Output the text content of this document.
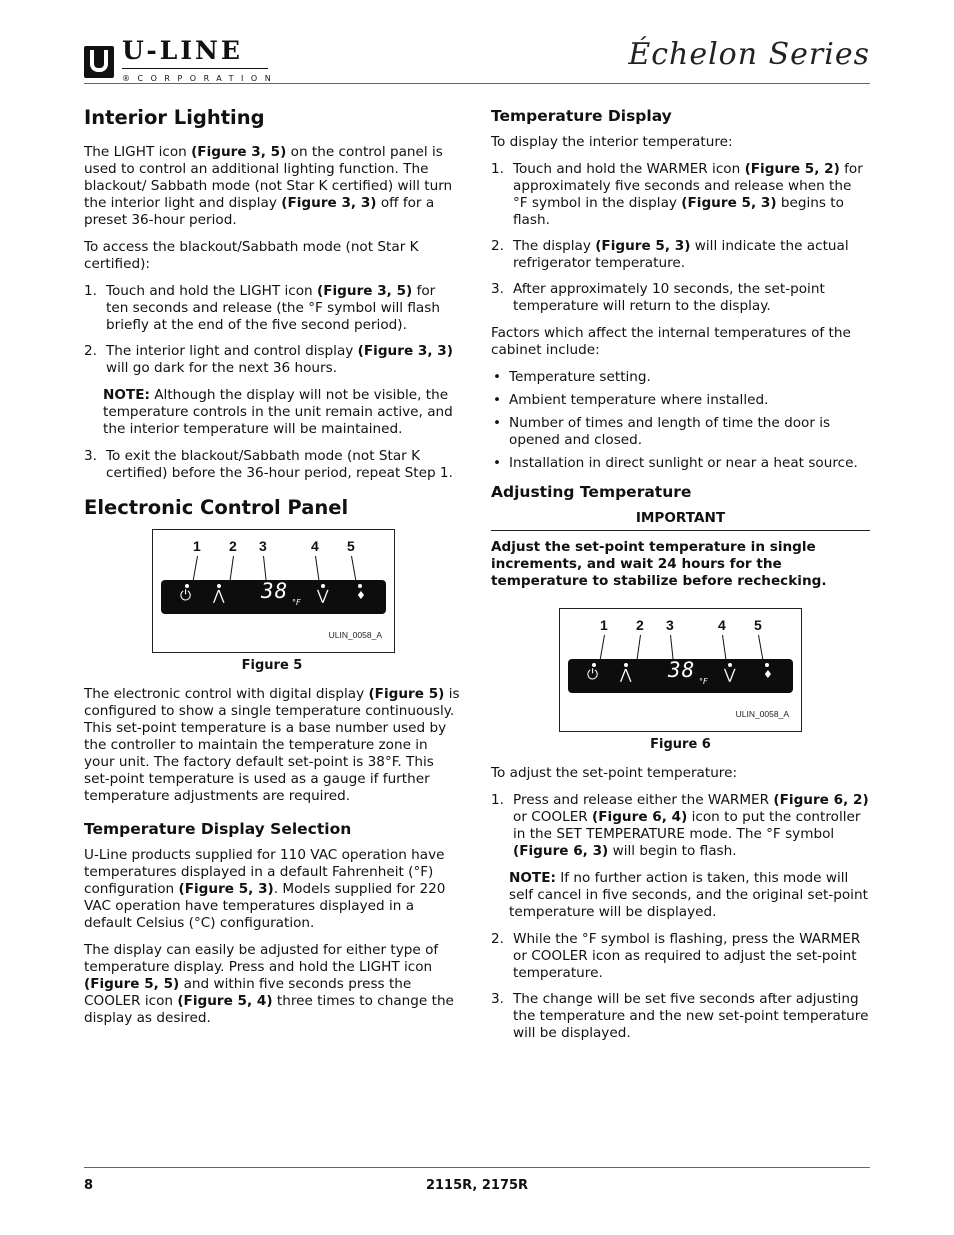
U-LINE
®CORPORATION
Échelon Series
Interior Lighting

The LIGHT icon (Figure 3, 5) on the control panel is used to control an additional lighting function. The blackout/ Sabbath mode (not Star K certified) will turn the interior light and display (Figure 3, 3) off for a preset 36-hour period.

To access the blackout/Sabbath mode (not Star K certified):

1. Touch and hold the LIGHT icon (Figure 3, 5) for ten seconds and release (the °F symbol will flash briefly at the end of the five second period).
2. The interior light and control display (Figure 3, 3) will go dark for the next 36 hours.

NOTE: Although the display will not be visible, the temperature controls in the unit remain active, and the interior temperature will be maintained.

3. To exit the blackout/Sabbath mode (not Star K certified) before the 36-hour period, repeat Step 1.
Electronic Control Panel
1 2 3	4 5
⏻ ⋀ 38 °F ⋁	♦
ULIN_0058_A
Figure 5

The electronic control with digital display (Figure 5) is configured to show a single temperature continuously. This set-point temperature is a base number used by the controller to maintain the temperature zone in your unit. The factory default set-point is 38°F. This set-point temperature is used as a gauge if further temperature adjustments are required.

Temperature Display Selection

U-Line products supplied for 110 VAC operation have temperatures displayed in a default Fahrenheit (°F) configuration (Figure 5, 3). Models supplied for 220 VAC operation have temperatures displayed in a default Celsius (°C) configuration.

The display can easily be adjusted for either type of temperature display. Press and hold the LIGHT icon (Figure 5, 5) and within five seconds press the COOLER icon (Figure 5, 4) three times to change the display as desired.

Temperature Display

To display the interior temperature:

1. Touch and hold the WARMER icon (Figure 5, 2) for approximately five seconds and release when the °F symbol in the display (Figure 5, 3) begins to flash.
2. The display (Figure 5, 3) will indicate the actual refrigerator temperature.
3. After approximately 10 seconds, the set-point temperature will return to the display.

Factors which affect the internal temperatures of the cabinet include:

• Temperature setting.
• Ambient temperature where installed.
• Number of times and length of time the door is opened and closed.
• Installation in direct sunlight or near a heat source.
Adjusting Temperature
IMPORTANT
Adjust the set-point temperature in single increments, and wait 24 hours for the temperature to stabilize before rechecking.
1 2 3	4 5
⏻ ⋀ 38 °F ⋁	♦
ULIN_0058_A
Figure 6

To adjust the set-point temperature:

1. Press and release either the WARMER (Figure 6, 2) or COOLER (Figure 6, 4) icon to put the controller in the SET TEMPERATURE mode. The °F symbol (Figure 6, 3) will begin to flash.

NOTE: If no further action is taken, this mode will self cancel in five seconds, and the original set-point temperature will be displayed.

2. While the °F symbol is flashing, press the WARMER or COOLER icon as required to adjust the set-point temperature.
3. The change will be set five seconds after adjusting the temperature and the new set-point temperature will be displayed.
8	2115R, 2175R
